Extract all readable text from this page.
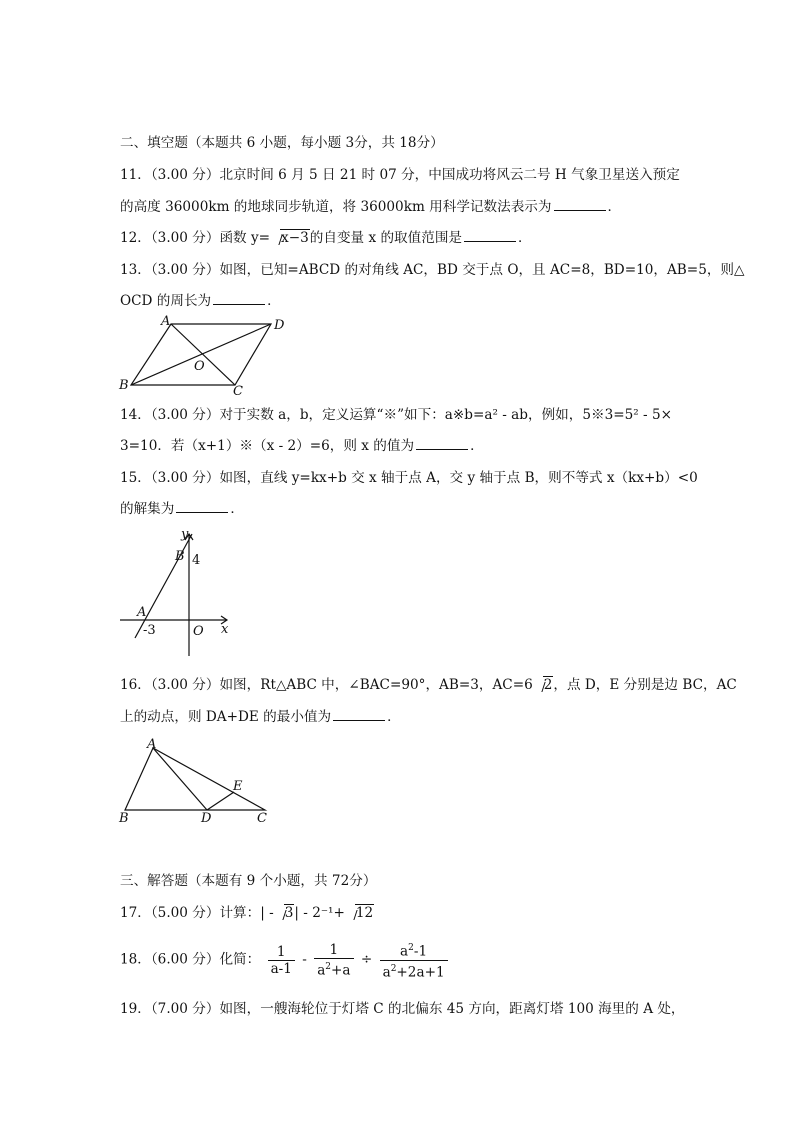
二、填空题（本题共 6 小题，每小题 3分，共 18分）
11．（3.00 分）北京时间 6 月 5 日 21 时 07 分，中国成功将风云二号 H 气象卫星送入预定
的高度 36000km 的地球同步轨道，将 36000km 用科学记数法表示为	．
12．（3.00 分）函数 y= x−3的自变量 x 的取值范围是	．
13．（3.00 分）如图，已知=ABCD 的对角线 AC，BD 交于点 O，且 AC=8，BD=10，AB=5，则△
OCD 的周长为	．
A	D
B	C
O
14．（3.00 分）对于实数 a，b，定义运算“※”如下：a※b=a² - ab，例如，5※3=5² - 5×
3=10．若（x+1）※（x - 2）=6，则 x 的值为	．
15．（3.00 分）如图，直线 y=kx+b 交 x 轴于点 A，交 y 轴于点 B，则不等式 x（kx+b）<0
的解集为	．
y
x
B 4
A
-3	O
16．（3.00 分）如图，Rt△ABC 中，∠BAC=90°，AB=3，AC=6 2，点 D，E 分别是边 BC，AC
上的动点，则 DA+DE 的最小值为	．
A
B	C
D
E
三、解答题（本题有 9 个小题，共 72分）
17．（5.00 分）计算：| - 3| - 2⁻¹+ 12
18．（6.00 分）化简： $\frac{1}{a-1} - \frac{1}{a^2+a} \div \frac{a^2-1}{a^2+2a+1}$
19．（7.00 分）如图，一艘海轮位于灯塔 C 的北偏东 45 方向，距离灯塔 100 海里的 A 处，
